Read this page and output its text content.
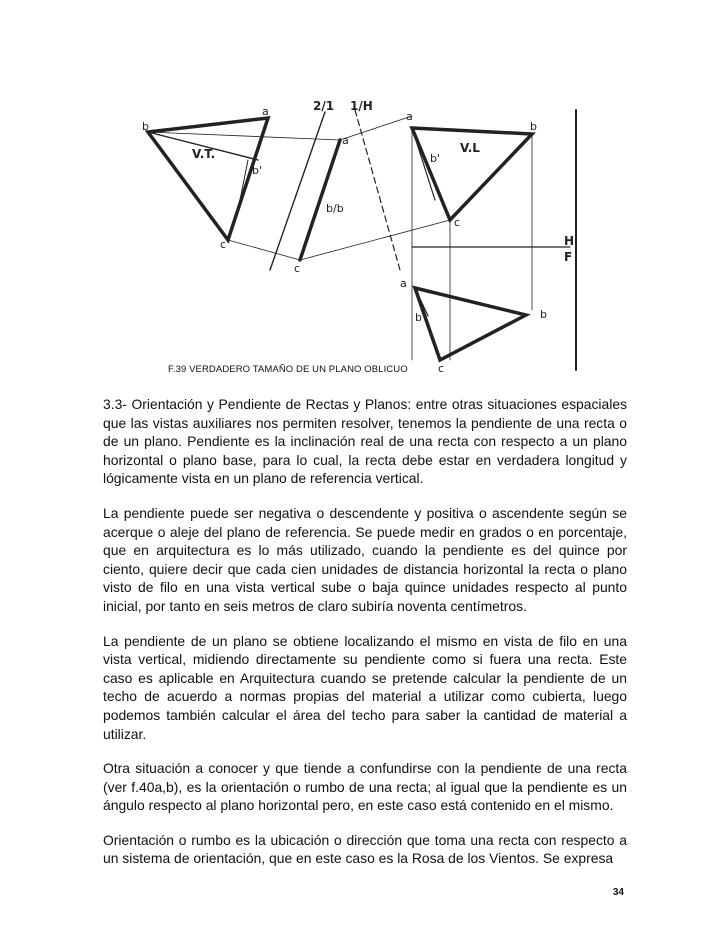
b
a
V.T.
b'
c
a
b/b
c
2/1 1/H
a
b
V.L
b'
c
H
F
a
b'	b
c
F.39 VERDADERO TAMAÑO DE UN PLANO OBLICUO

3.3- Orientación y Pendiente de Rectas y Planos: entre otras situaciones espaciales que las vistas auxiliares nos permiten resolver, tenemos la pendiente de una recta o de un plano. Pendiente es la inclinación real de una recta con respecto a un plano horizontal o plano base, para lo cual, la recta debe estar en verdadera longitud y lógicamente vista en un plano de referencia vertical.

La pendiente puede ser negativa o descendente y positiva o ascendente según se acerque o aleje del plano de referencia. Se puede medir en grados o en porcentaje, que en arquitectura es lo más utilizado, cuando la pendiente es del quince por ciento, quiere decir que cada cien unidades de distancia horizontal la recta o plano visto de filo en una vista vertical sube o baja quince unidades respecto al punto inicial, por tanto en seis metros de claro subiría noventa centímetros.

La pendiente de un plano se obtiene localizando el mismo en vista de filo en una vista vertical, midiendo directamente su pendiente como si fuera una recta. Este caso es aplicable en Arquitectura cuando se pretende calcular la pendiente de un techo de acuerdo a normas propias del material a utilizar como cubierta, luego podemos también calcular el área del techo para saber la cantidad de material a utilizar.

Otra situación a conocer y que tiende a confundirse con la pendiente de una recta (ver f.40a,b), es la orientación o rumbo de una recta; al igual que la pendiente es un ángulo respecto al plano horizontal pero, en este caso está contenido en el mismo.

Orientación o rumbo es la ubicación o dirección que toma una recta con respecto a un sistema de orientación, que en este caso es la Rosa de los Vientos. Se expresa

34
